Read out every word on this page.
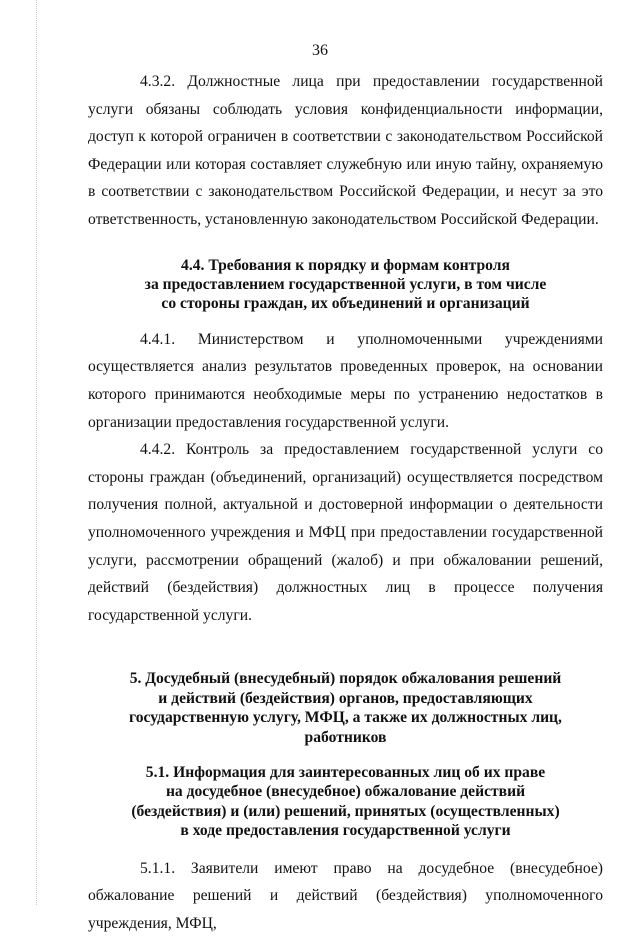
36

4.3.2. Должностные лица при предоставлении государственной услуги обязаны соблюдать условия конфиденциальности информации, доступ к которой ограничен в соответствии с законодательством Российской Федерации или которая составляет служебную или иную тайну, охраняемую в соответствии с законодательством Российской Федерации, и несут за это ответственность, установленную законодательством Российской Федерации.

4.4. Требования к порядку и формам контроля
за предоставлением государственной услуги, в том числе
со стороны граждан, их объединений и организаций

4.4.1. Министерством и уполномоченными учреждениями осуществляется анализ результатов проведенных проверок, на основании которого принимаются необходимые меры по устранению недостатков в организации предоставления государственной услуги.

4.4.2. Контроль за предоставлением государственной услуги со стороны граждан (объединений, организаций) осуществляется посредством получения полной, актуальной и достоверной информации о деятельности уполномоченного учреждения и МФЦ при предоставлении государственной услуги, рассмотрении обращений (жалоб) и при обжаловании решений, действий (бездействия) должностных лиц в процессе получения государственной услуги.

5. Досудебный (внесудебный) порядок обжалования решений
и действий (бездействия) органов, предоставляющих
государственную услугу, МФЦ, а также их должностных лиц,
работников
5.1. Информация для заинтересованных лиц об их праве
на досудебное (внесудебное) обжалование действий
(бездействия) и (или) решений, принятых (осуществленных)
в ходе предоставления государственной услуги

5.1.1. Заявители имеют право на досудебное (внесудебное) обжалование решений и действий (бездействия) уполномоченного учреждения, МФЦ,
